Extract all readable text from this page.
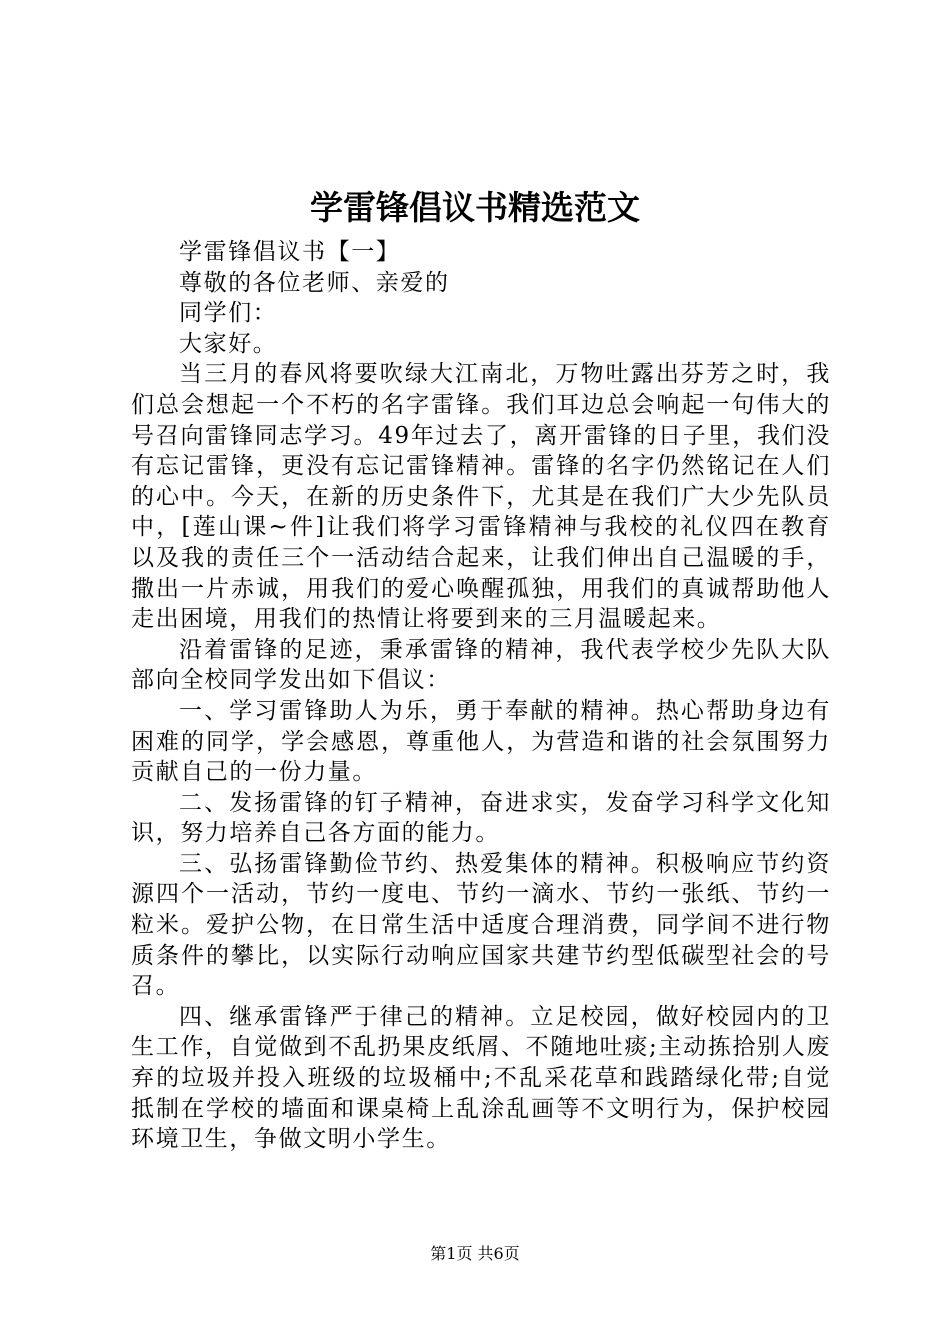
学雷锋倡议书精选范文

学雷锋倡议书【一】

尊敬的各位老师、亲爱的

同学们：

大家好。

当三月的春风将要吹绿大江南北，万物吐露出芬芳之时，我们总会想起一个不朽的名字雷锋。我们耳边总会响起一句伟大的号召向雷锋同志学习。49年过去了，离开雷锋的日子里，我们没有忘记雷锋，更没有忘记雷锋精神。雷锋的名字仍然铭记在人们的心中。今天，在新的历史条件下，尤其是在我们广大少先队员中，[莲山课~件]让我们将学习雷锋精神与我校的礼仪四在教育以及我的责任三个一活动结合起来，让我们伸出自己温暖的手，撒出一片赤诚，用我们的爱心唤醒孤独，用我们的真诚帮助他人走出困境，用我们的热情让将要到来的三月温暖起来。

沿着雷锋的足迹，秉承雷锋的精神，我代表学校少先队大队部向全校同学发出如下倡议：

一、学习雷锋助人为乐，勇于奉献的精神。热心帮助身边有困难的同学，学会感恩，尊重他人，为营造和谐的社会氛围努力贡献自己的一份力量。

二、发扬雷锋的钉子精神，奋进求实，发奋学习科学文化知识，努力培养自己各方面的能力。

三、弘扬雷锋勤俭节约、热爱集体的精神。积极响应节约资源四个一活动，节约一度电、节约一滴水、节约一张纸、节约一粒米。爱护公物，在日常生活中适度合理消费，同学间不进行物质条件的攀比，以实际行动响应国家共建节约型低碳型社会的号召。

四、继承雷锋严于律己的精神。立足校园，做好校园内的卫生工作，自觉做到不乱扔果皮纸屑、不随地吐痰;主动拣拾别人废弃的垃圾并投入班级的垃圾桶中;不乱采花草和践踏绿化带;自觉抵制在学校的墙面和课桌椅上乱涂乱画等不文明行为，保护校园环境卫生，争做文明小学生。

第1页 共6页
